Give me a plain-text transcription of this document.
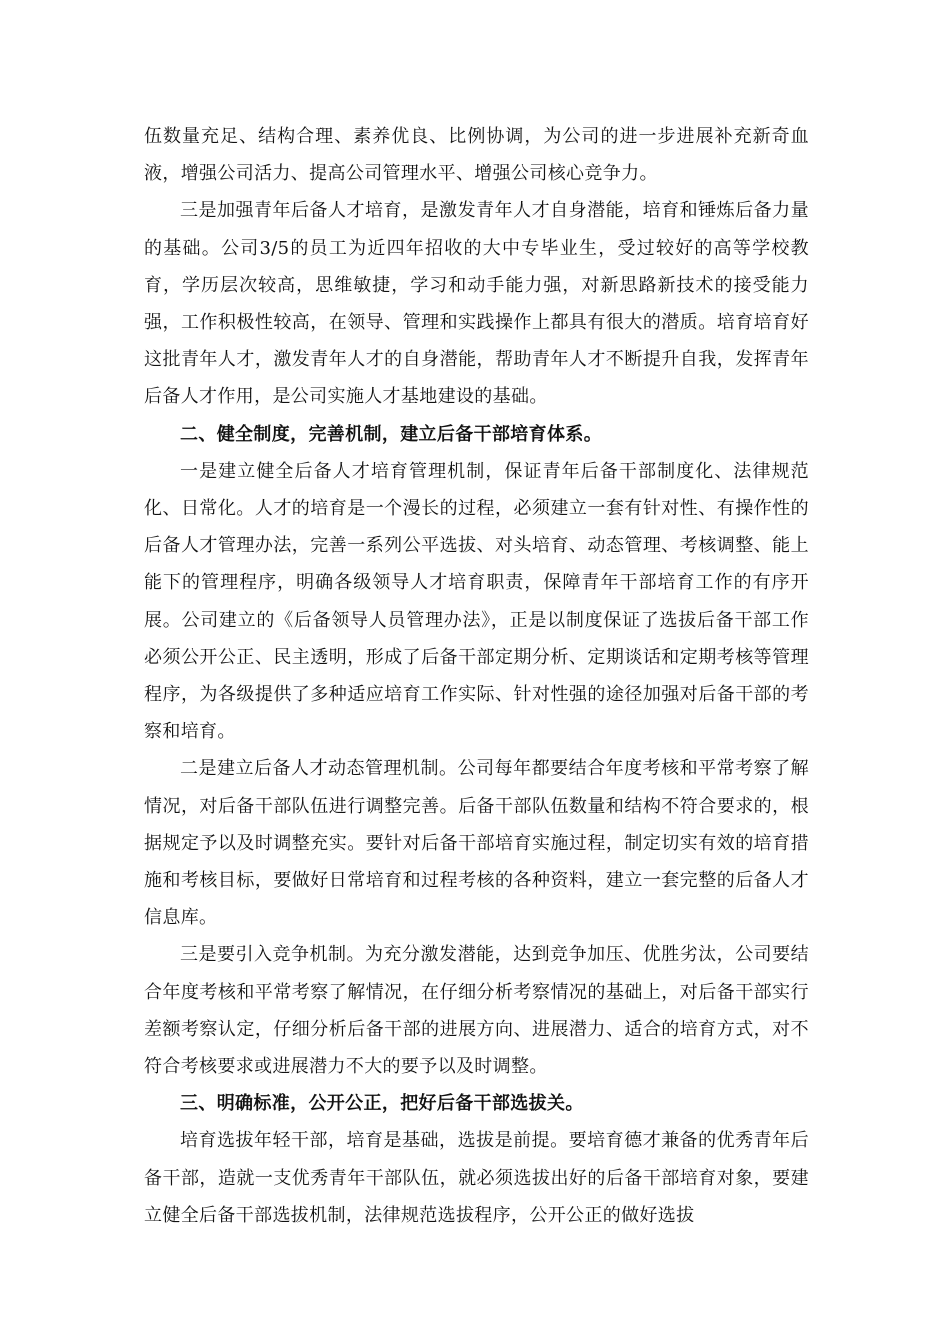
伍数量充足、结构合理、素养优良、比例协调，为公司的进一步进展补充新奇血液，增强公司活力、提高公司管理水平、增强公司核心竞争力。

三是加强青年后备人才培育，是激发青年人才自身潜能，培育和锤炼后备力量的基础。公司3/5的员工为近四年招收的大中专毕业生，受过较好的高等学校教育，学历层次较高，思维敏捷，学习和动手能力强，对新思路新技术的接受能力强，工作积极性较高，在领导、管理和实践操作上都具有很大的潜质。培育培育好这批青年人才，激发青年人才的自身潜能，帮助青年人才不断提升自我，发挥青年后备人才作用，是公司实施人才基地建设的基础。

二、健全制度，完善机制，建立后备干部培育体系。

一是建立健全后备人才培育管理机制，保证青年后备干部制度化、法律规范化、日常化。人才的培育是一个漫长的过程，必须建立一套有针对性、有操作性的后备人才管理办法，完善一系列公平选拔、对头培育、动态管理、考核调整、能上能下的管理程序，明确各级领导人才培育职责，保障青年干部培育工作的有序开展。公司建立的《后备领导人员管理办法》，正是以制度保证了选拔后备干部工作必须公开公正、民主透明，形成了后备干部定期分析、定期谈话和定期考核等管理程序，为各级提供了多种适应培育工作实际、针对性强的途径加强对后备干部的考察和培育。

二是建立后备人才动态管理机制。公司每年都要结合年度考核和平常考察了解情况，对后备干部队伍进行调整完善。后备干部队伍数量和结构不符合要求的，根据规定予以及时调整充实。要针对后备干部培育实施过程，制定切实有效的培育措施和考核目标，要做好日常培育和过程考核的各种资料，建立一套完整的后备人才信息库。

三是要引入竞争机制。为充分激发潜能，达到竞争加压、优胜劣汰，公司要结合年度考核和平常考察了解情况，在仔细分析考察情况的基础上，对后备干部实行差额考察认定，仔细分析后备干部的进展方向、进展潜力、适合的培育方式，对不符合考核要求或进展潜力不大的要予以及时调整。

三、明确标准，公开公正，把好后备干部选拔关。

培育选拔年轻干部，培育是基础，选拔是前提。要培育德才兼备的优秀青年后备干部，造就一支优秀青年干部队伍，就必须选拔出好的后备干部培育对象，要建立健全后备干部选拔机制，法律规范选拔程序，公开公正的做好选拔
